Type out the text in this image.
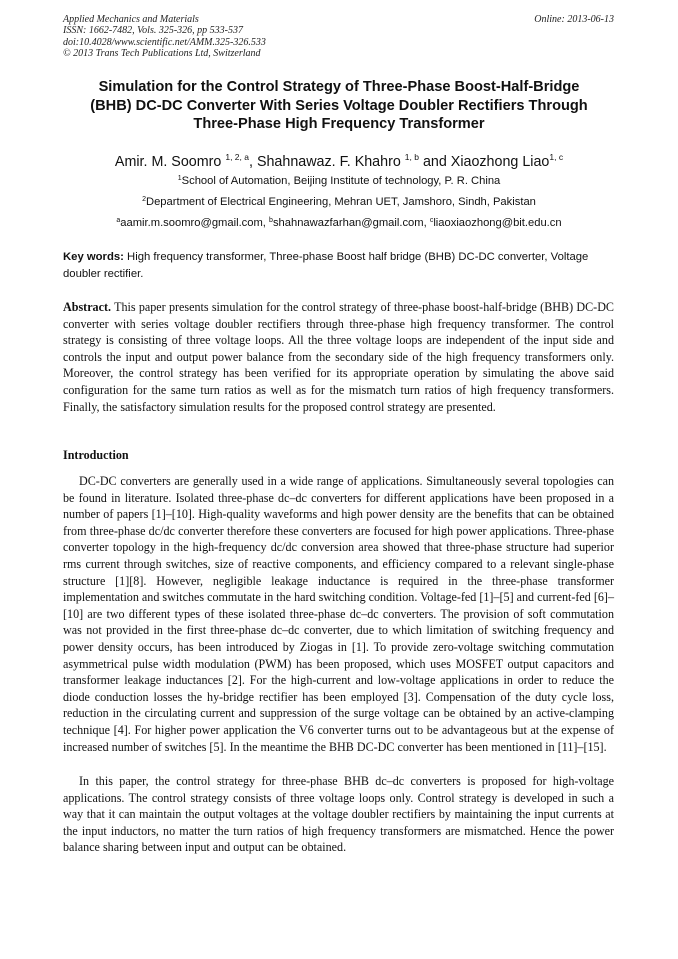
Applied Mechanics and Materials
ISSN: 1662-7482, Vols. 325-326, pp 533-537
doi:10.4028/www.scientific.net/AMM.325-326.533
© 2013 Trans Tech Publications Ltd, Switzerland
Online: 2013-06-13
Simulation for the Control Strategy of Three-Phase Boost-Half-Bridge
(BHB) DC-DC Converter With Series Voltage Doubler Rectifiers Through
Three-Phase High Frequency Transformer
Amir. M. Soomro $^{1, 2, a}$, Shahnawaz. F. Khahro $^{1, b}$ and Xiaozhong Liao$^{1, c}$
$^1$School of Automation, Beijing Institute of technology, P. R. China
$^2$Department of Electrical Engineering, Mehran UET, Jamshoro, Sindh, Pakistan
$^a$aamir.m.soomro@gmail.com, $^b$shahnawazfarhan@gmail.com, $^c$liaoxiaozhong@bit.edu.cn
Key words: High frequency transformer, Three-phase Boost half bridge (BHB) DC-DC converter, Voltage doubler rectifier.
Abstract. This paper presents simulation for the control strategy of three-phase boost-half-bridge (BHB) DC-DC converter with series voltage doubler rectifiers through three-phase high frequency transformer. The control strategy is consisting of three voltage loops. All the three voltage loops are independent of the input side and controls the input and output power balance from the secondary side of the high frequency transformers only. Moreover, the control strategy has been verified for its appropriate operation by simulating the above said configuration for the same turn ratios as well as for the mismatch turn ratios of high frequency transformers. Finally, the satisfactory simulation results for the proposed control strategy are presented.
Introduction
DC-DC converters are generally used in a wide range of applications. Simultaneously several topologies can be found in literature. Isolated three-phase dc–dc converters for different applications have been proposed in a number of papers [1]–[10]. High-quality waveforms and high power density are the benefits that can be obtained from three-phase dc/dc converter therefore these converters are focused for high power applications. Three-phase converter topology in the high-frequency dc/dc conversion area showed that three-phase structure had superior rms current through switches, size of reactive components, and efficiency compared to a relevant single-phase structure [1][8]. However, negligible leakage inductance is required in the three-phase transformer implementation and switches commutate in the hard switching condition. Voltage-fed [1]–[5] and current-fed [6]–[10] are two different types of these isolated three-phase dc–dc converters. The provision of soft commutation was not provided in the first three-phase dc–dc converter, due to which limitation of switching frequency and power density occurs, has been introduced by Ziogas in [1]. To provide zero-voltage switching commutation asymmetrical pulse width modulation (PWM) has been proposed, which uses MOSFET output capacitors and transformer leakage inductances [2]. For the high-current and low-voltage applications in order to reduce the diode conduction losses the hy-bridge rectifier has been employed [3]. Compensation of the duty cycle loss, reduction in the circulating current and suppression of the surge voltage can be obtained by an active-clamping technique [4]. For higher power application the V6 converter turns out to be advantageous but at the expense of increased number of switches [5]. In the meantime the BHB DC-DC converter has been mentioned in [11]–[15].
In this paper, the control strategy for three-phase BHB dc–dc converters is proposed for high-voltage applications. The control strategy consists of three voltage loops only. Control strategy is developed in such a way that it can maintain the output voltages at the voltage doubler rectifiers by maintaining the input currents at the input inductors, no matter the turn ratios of high frequency transformers are mismatched. Hence the power balance sharing between input and output can be obtained.
